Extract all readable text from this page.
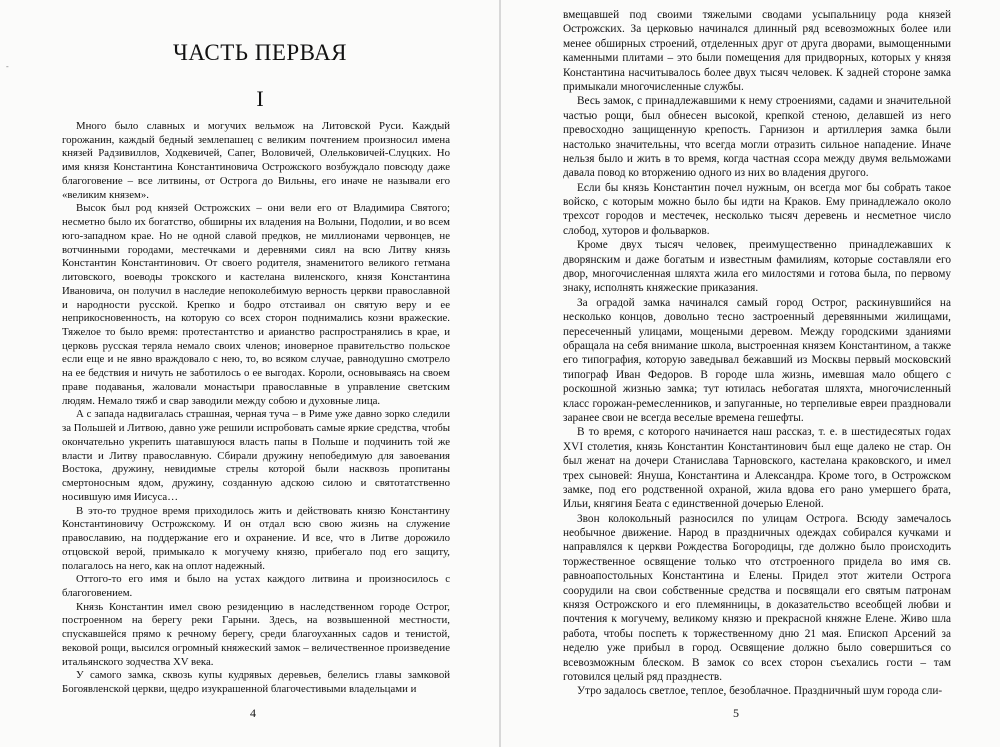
-
ЧАСТЬ ПЕРВАЯ
I

Много было славных и могучих вельмож на Литовской Руси. Каждый горожанин, каждый бедный землепашец с великим почтением произносил имена князей Радзивиллов, Ходкевичей, Сапег, Воловичей, Олельковичей-Слуцких. Но имя князя Константина Константиновича Острожского возбуждало повсюду даже благоговение – все литвины, от Острога до Вильны, его иначе не называли его «великим князем».

Высок был род князей Острожских – они вели его от Владимира Святого; несметно было их богатство, обширны их владения на Волыни, Подолии, и во всем юго-западном крае. Но не одной славой предков, не миллионами червонцев, не вотчинными городами, местечками и деревнями сиял на всю Литву князь Константин Константинович. От своего родителя, знаменитого великого гетмана литовского, воеводы трокского и кастелана виленского, князя Константина Ивановича, он получил в наследие непоколебимую верность церкви православной и народности русской. Крепко и бодро отстаивал он святую веру и ее неприкосновенность, на которую со всех сторон поднимались козни вражеские. Тяжелое то было время: протестантство и арианство распространялись в крае, и церковь русская теряла немало своих членов; иноверное правительство польское если еще и не явно враждовало с нею, то, во всяком случае, равнодушно смотрело на ее бедствия и ничуть не заботилось о ее выгодах. Короли, основываясь на своем праве подаванья, жаловали монастыри православные в управление светским людям. Немало тяжб и свар заводили между собою и духовные лица.

А с запада надвигалась страшная, черная туча – в Риме уже давно зорко следили за Польшей и Литвою, давно уже решили испробовать самые яркие средства, чтобы окончательно укрепить шатавшуюся власть папы в Польше и подчинить той же власти и Литву православную. Сбирали дружину непобедимую для завоевания Востока, дружину, невидимые стрелы которой были насквозь пропитаны смертоносным ядом, дружину, созданную адскою силою и святотатственно носившую имя Иисуса…

В это-то трудное время приходилось жить и действовать князю Константину Константиновичу Острожскому. И он отдал всю свою жизнь на служение православию, на поддержание его и охранение. И все, что в Литве дорожило отцовской верой, примыкало к могучему князю, прибегало под его защиту, полагалось на него, как на оплот надежный.

Оттого-то его имя и было на устах каждого литвина и произносилось с благоговением.

Князь Константин имел свою резиденцию в наследственном городе Острог, построенном на берегу реки Гарыни. Здесь, на возвышенной местности, спускавшейся прямо к речному берегу, среди благоуханных садов и тенистой, вековой рощи, высился огромный княжеский замок – величественное произведение итальянского зодчества XV века.

У самого замка, сквозь купы кудрявых деревьев, белелись главы замковой Богоявленской церкви, щедро изукрашенной благочестивыми владельцами и

4

вмещавшей под своими тяжелыми сводами усыпальницу рода князей Острожских. За церковью начинался длинный ряд всевозможных более или менее обширных строений, отделенных друг от друга дворами, вымощенными каменными плитами – это были помещения для придворных, которых у князя Константина насчитывалось более двух тысяч человек. К задней стороне замка примыкали многочисленные службы.

Весь замок, с принадлежавшими к нему строениями, садами и значительной частью рощи, был обнесен высокой, крепкой стеною, делавшей из него превосходно защищенную крепость. Гарнизон и артиллерия замка были настолько значительны, что всегда могли отразить сильное нападение. Иначе нельзя было и жить в то время, когда частная ссора между двумя вельможами давала повод ко вторжению одного из них во владения другого.

Если бы князь Константин почел нужным, он всегда мог бы собрать такое войско, с которым можно было бы идти на Краков. Ему принадлежало около трехсот городов и местечек, несколько тысяч деревень и несметное число слобод, хуторов и фольварков.

Кроме двух тысяч человек, преимущественно принадлежавших к дворянским и даже богатым и известным фамилиям, которые составляли его двор, многочисленная шляхта жила его милостями и готова была, по первому знаку, исполнять княжеские приказания.

За оградой замка начинался самый город Острог, раскинувшийся на несколько концов, довольно тесно застроенный деревянными жилищами, пересеченный улицами, мощеными деревом. Между городскими зданиями обращала на себя внимание школа, выстроенная князем Константином, а также его типография, которую заведывал бежавший из Москвы первый московский типограф Иван Федоров. В городе шла жизнь, имевшая мало общего с роскошной жизнью замка; тут ютилась небогатая шляхта, многочисленный класс горожан-ремесленников, и запуганные, но терпеливые евреи праздновали заранее свои не всегда веселые времена гешефты.

В то время, с которого начинается наш рассказ, т. е. в шестидесятых годах XVI столетия, князь Константин Константинович был еще далеко не стар. Он был женат на дочери Станислава Тарновского, кастелана краковского, и имел трех сыновей: Януша, Константина и Александра. Кроме того, в Острожском замке, под его родственной охраной, жила вдова его рано умершего брата, Ильи, княгиня Беата с единственной дочерью Еленой.

Звон колокольный разносился по улицам Острога. Всюду замечалось необычное движение. Народ в праздничных одеждах собирался кучками и направлялся к церкви Рождества Богородицы, где должно было происходить торжественное освящение только что отстроенного придела во имя св. равноапостольных Константина и Елены. Придел этот жители Острога соорудили на свои собственные средства и посвящали его святым патронам князя Острожского и его племянницы, в доказательство всеобщей любви и почтения к могучему, великому князю и прекрасной княжне Елене. Живо шла работа, чтобы поспеть к торжественному дню 21 мая. Епископ Арсений за неделю уже прибыл в город. Освящение должно было совершиться со всевозможным блеском. В замок со всех сторон съехались гости – там готовился целый ряд празднеств.

Утро задалось светлое, теплое, безоблачное. Праздничный шум города сли-

5
